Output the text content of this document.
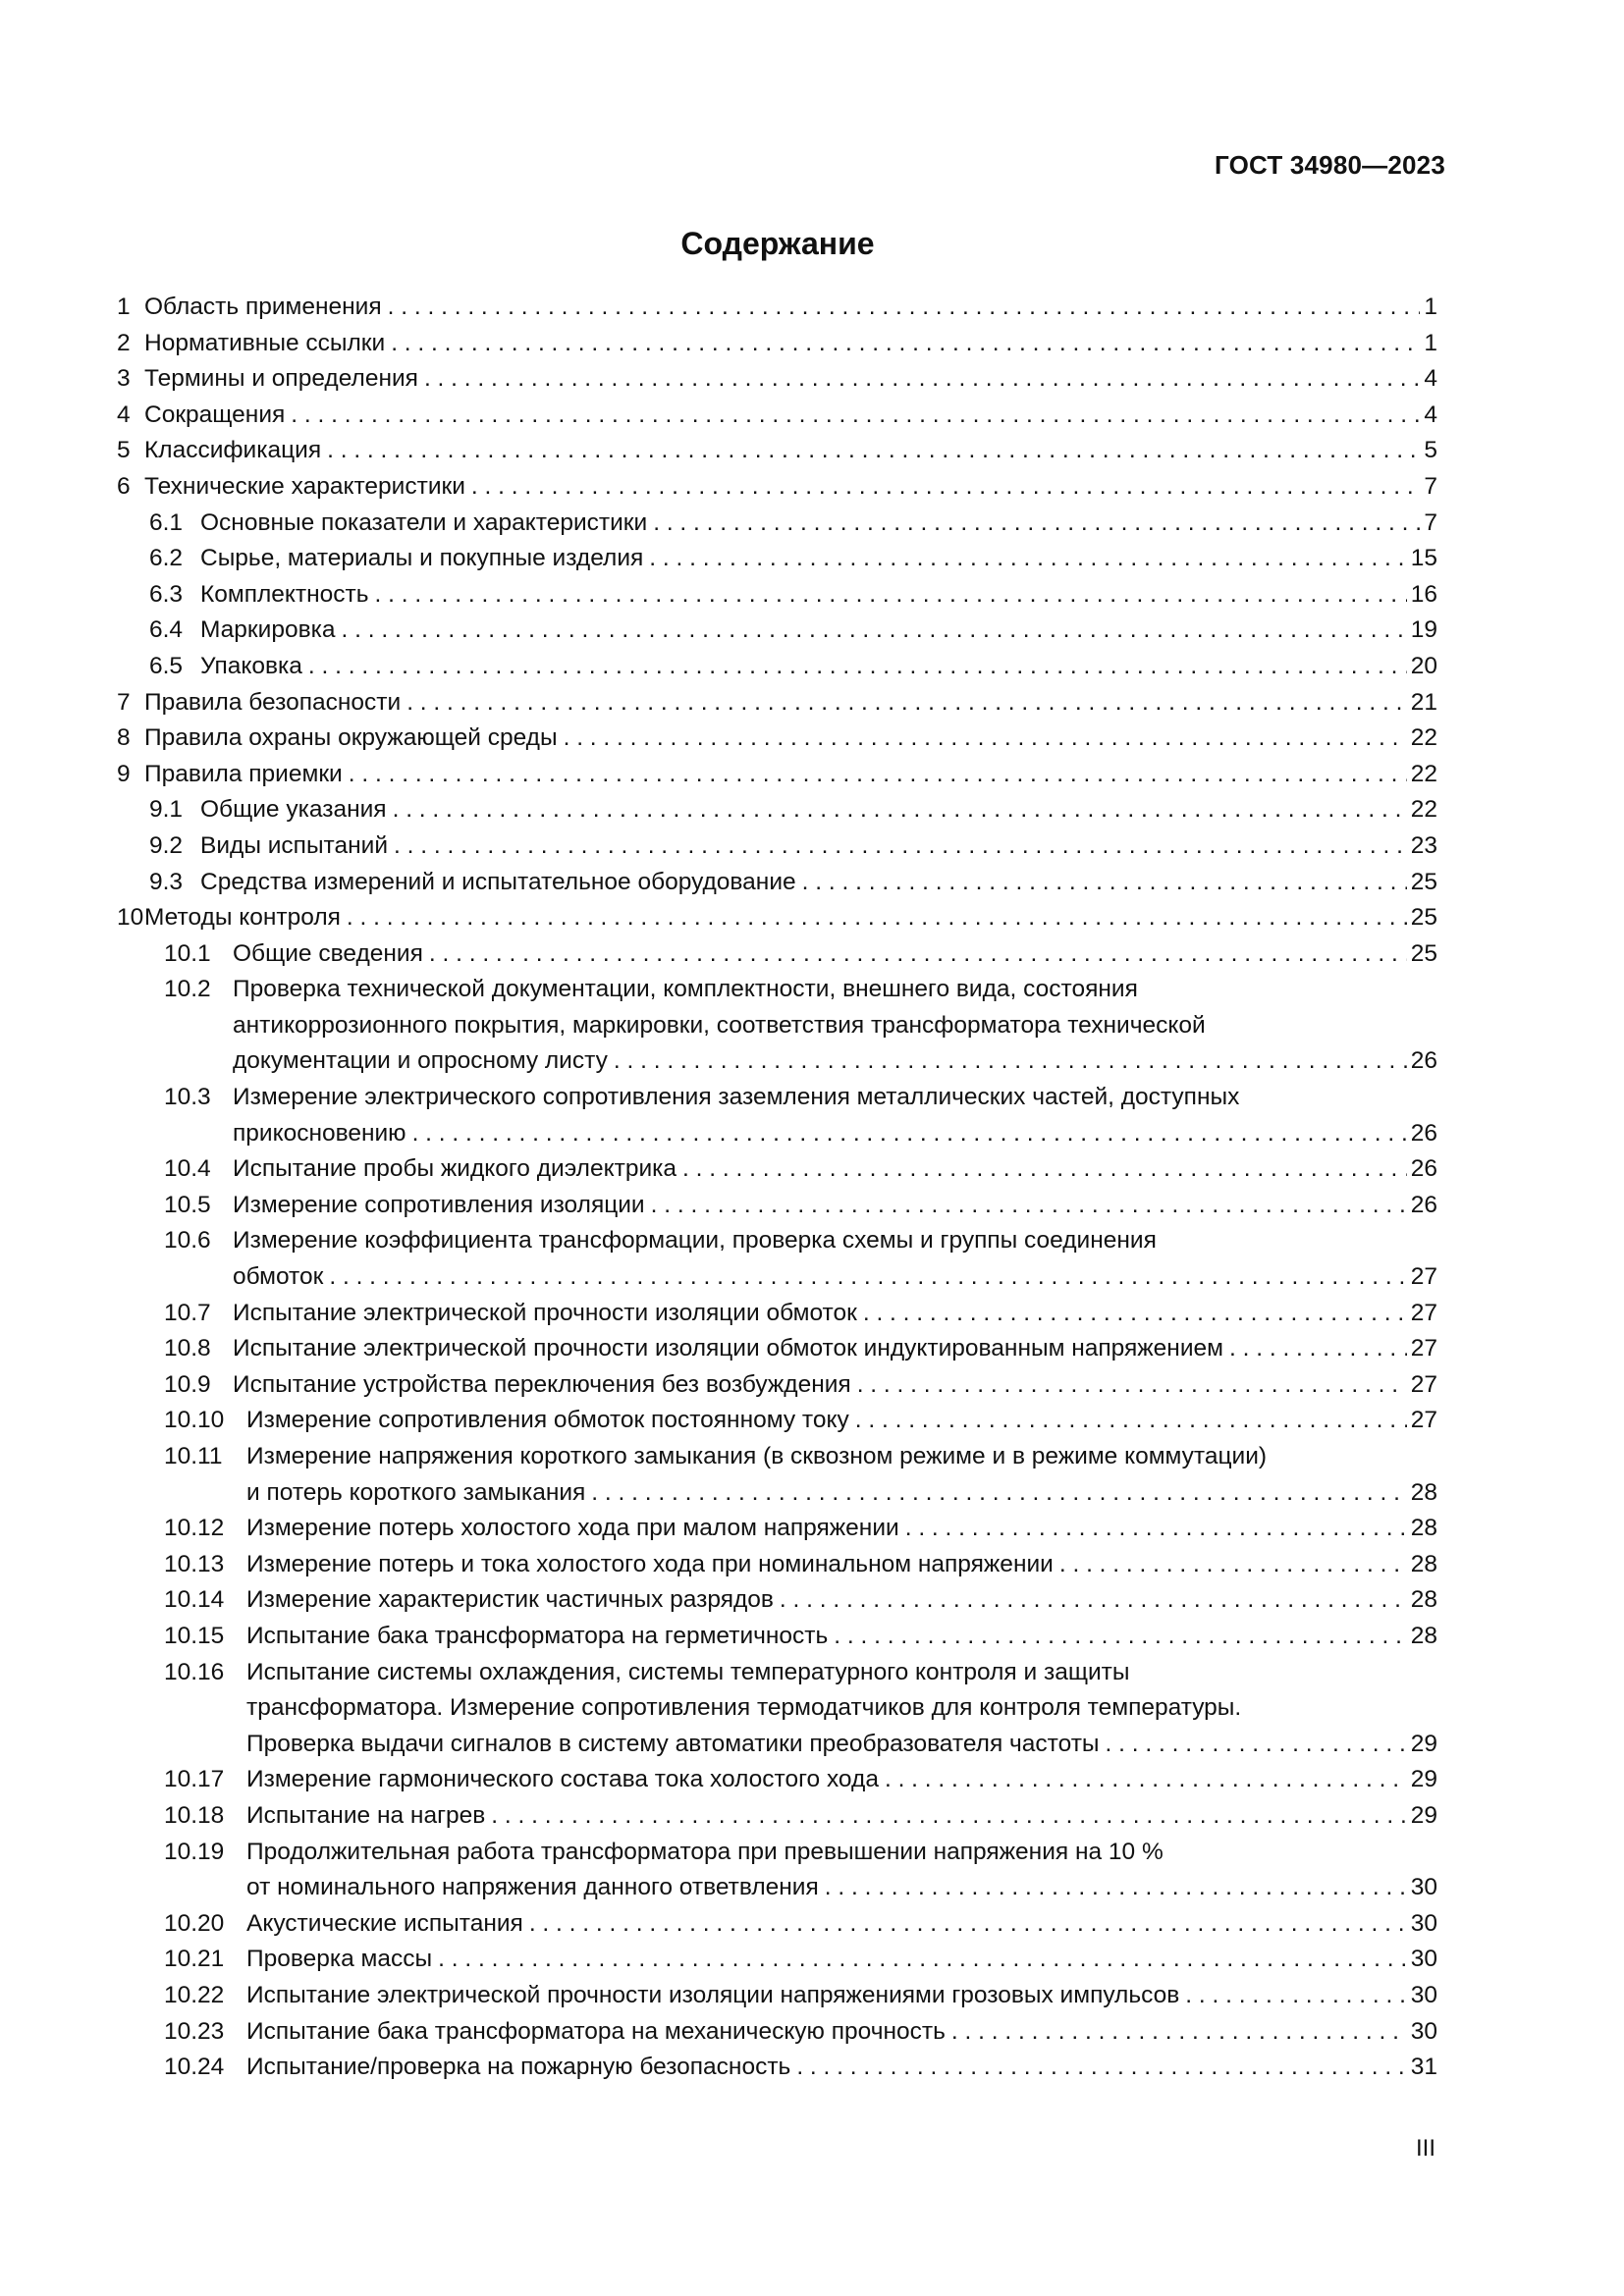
ГОСТ 34980—2023
Содержание
1 Область применения . . .	1
2 Нормативные ссылки . . .	1
3 Термины и определения . . .	4
4 Сокращения . . .	4
5 Классификация . . .	5
6 Технические характеристики . . .	7
6.1 Основные показатели и характеристики . . .	7
6.2 Сырье, материалы и покупные изделия . . .	15
6.3 Комплектность . . .	16
6.4 Маркировка . . .	19
6.5 Упаковка . . .	20
7 Правила безопасности . . .	21
8 Правила охраны окружающей среды . . .	22
9 Правила приемки . . .	22
9.1 Общие указания . . .	22
9.2 Виды испытаний . . .	23
9.3 Средства измерений и испытательное оборудование . . .	25
10 Методы контроля . . .	25
10.1 Общие сведения . . .	25
10.2 Проверка технической документации, комплектности, внешнего вида, состояния
антикоррозионного покрытия, маркировки, соответствия трансформатора технической
документации и опросному листу . . .	26
10.3 Измерение электрического сопротивления заземления металлических частей, доступных
прикосновению . . .	26
10.4 Испытание пробы жидкого диэлектрика . . .	26
10.5 Измерение сопротивления изоляции . . .	26
10.6 Измерение коэффициента трансформации, проверка схемы и группы соединения
обмоток . . .	27
10.7 Испытание электрической прочности изоляции обмоток . . .	27
10.8 Испытание электрической прочности изоляции обмоток индуктированным напряжением . . .	27
10.9 Испытание устройства переключения без возбуждения . . .	27
10.10 Измерение сопротивления обмоток постоянному току . . .	27
10.11 Измерение напряжения короткого замыкания (в сквозном режиме и в режиме коммутации)
и потерь короткого замыкания . . .	28
10.12 Измерение потерь холостого хода при малом напряжении . . .	28
10.13 Измерение потерь и тока холостого хода при номинальном напряжении . . .	28
10.14 Измерение характеристик частичных разрядов . . .	28
10.15 Испытание бака трансформатора на герметичность . . .	28
10.16 Испытание системы охлаждения, системы температурного контроля и защиты
трансформатора. Измерение сопротивления термодатчиков для контроля температуры.
Проверка выдачи сигналов в систему автоматики преобразователя частоты . . .	29
10.17 Измерение гармонического состава тока холостого хода . . .	29
10.18 Испытание на нагрев . . .	29
10.19 Продолжительная работа трансформатора при превышении напряжения на 10 %
от номинального напряжения данного ответвления . . .	30
10.20 Акустические испытания . . .	30
10.21 Проверка массы . . .	30
10.22 Испытание электрической прочности изоляции напряжениями грозовых импульсов . . .	30
10.23 Испытание бака трансформатора на механическую прочность . . .	30
10.24 Испытание/проверка на пожарную безопасность . . .	31
III
